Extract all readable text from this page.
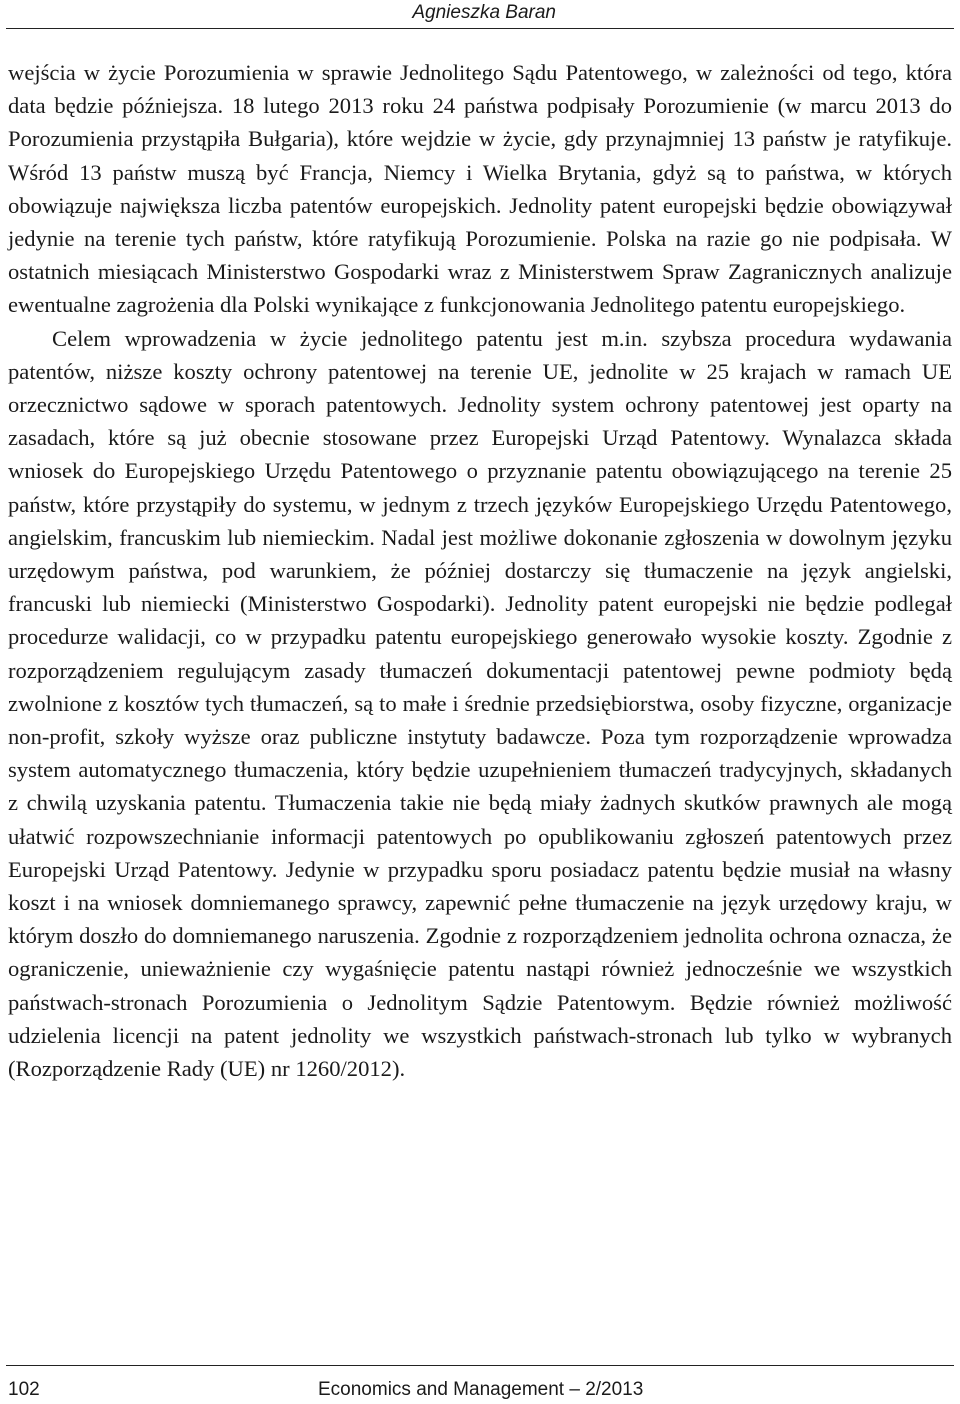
Agnieszka Baran

wejścia w życie Porozumienia w sprawie Jednolitego Sądu Patentowego, w zależności od tego, która data będzie późniejsza. 18 lutego 2013 roku 24 państwa podpisały Porozumienie (w marcu 2013 do Porozumienia przystąpiła Bułgaria), które wejdzie w życie, gdy przynajmniej 13 państw je ratyfikuje. Wśród 13 państw muszą być Francja, Niemcy i Wielka Brytania, gdyż są to państwa, w których obowiązuje największa liczba patentów europejskich. Jednolity patent europejski będzie obowiązywał jedynie na terenie tych państw, które ratyfikują Porozumienie. Polska na razie go nie podpisała. W ostatnich miesiącach Ministerstwo Gospodarki wraz z Ministerstwem Spraw Zagranicznych analizuje ewentualne zagrożenia dla Polski wynikające z funkcjonowania Jednolitego patentu europejskiego.

Celem wprowadzenia w życie jednolitego patentu jest m.in. szybsza procedura wydawania patentów, niższe koszty ochrony patentowej na terenie UE, jednolite w 25 krajach w ramach UE orzecznictwo sądowe w sporach patentowych. Jednolity system ochrony patentowej jest oparty na zasadach, które są już obecnie stosowane przez Europejski Urząd Patentowy. Wynalazca składa wniosek do Europejskiego Urzędu Patentowego o przyznanie patentu obowiązującego na terenie 25 państw, które przystąpiły do systemu, w jednym z trzech języków Europejskiego Urzędu Patentowego, angielskim, francuskim lub niemieckim. Nadal jest możliwe dokonanie zgłoszenia w dowolnym języku urzędowym państwa, pod warunkiem, że później dostarczy się tłumaczenie na język angielski, francuski lub niemiecki (Ministerstwo Gospodarki). Jednolity patent europejski nie będzie podlegał procedurze walidacji, co w przypadku patentu europejskiego generowało wysokie koszty. Zgodnie z rozporządzeniem regulującym zasady tłumaczeń dokumentacji patentowej pewne podmioty będą zwolnione z kosztów tych tłumaczeń, są to małe i średnie przedsiębiorstwa, osoby fizyczne, organizacje non-profit, szkoły wyższe oraz publiczne instytuty badawcze. Poza tym rozporządzenie wprowadza system automatycznego tłumaczenia, który będzie uzupełnieniem tłumaczeń tradycyjnych, składanych z chwilą uzyskania patentu. Tłumaczenia takie nie będą miały żadnych skutków prawnych ale mogą ułatwić rozpowszechnianie informacji patentowych po opublikowaniu zgłoszeń patentowych przez Europejski Urząd Patentowy. Jedynie w przypadku sporu posiadacz patentu będzie musiał na własny koszt i na wniosek domniemanego sprawcy, zapewnić pełne tłumaczenie na język urzędowy kraju, w którym doszło do domniemanego naruszenia. Zgodnie z rozporządzeniem jednolita ochrona oznacza, że ograniczenie, unieważnienie czy wygaśnięcie patentu nastąpi również jednocześnie we wszystkich państwach-stronach Porozumienia o Jednolitym Sądzie Patentowym. Będzie również możliwość udzielenia licencji na patent jednolity we wszystkich państwach-stronach lub tylko w wybranych (Rozporządzenie Rady (UE) nr 1260/2012).

102	Economics and Management – 2/2013
